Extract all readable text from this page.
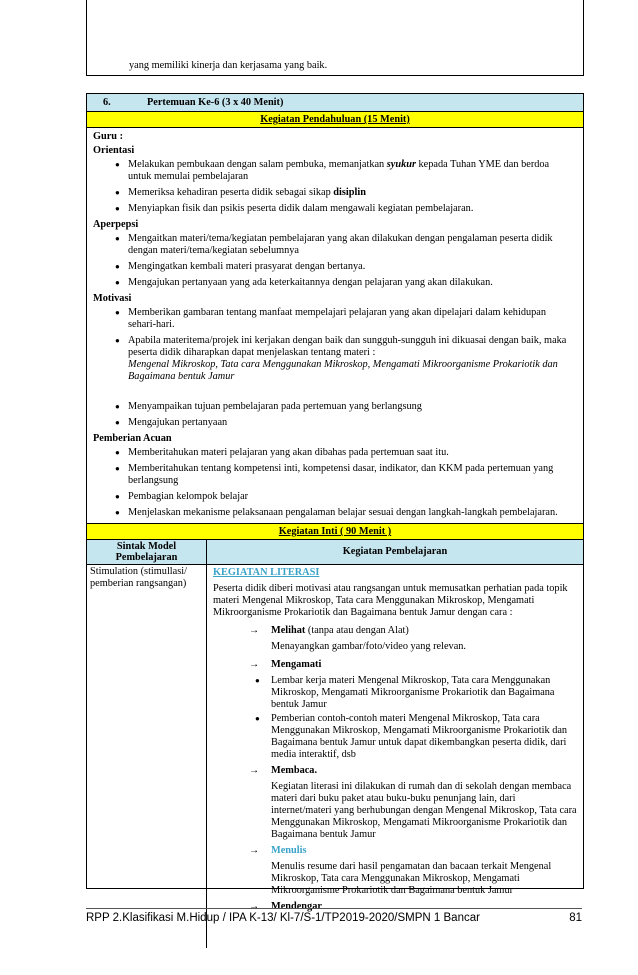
yang memiliki kinerja dan kerjasama yang baik.
6.	Pertemuan Ke-6 (3 x 40 Menit)
Kegiatan Pendahuluan (15 Menit)
Guru :
Orientasi
● Melakukan pembukaan dengan salam pembuka, memanjatkan syukur kepada Tuhan YME dan berdoa untuk memulai pembelajaran
● Memeriksa kehadiran peserta didik sebagai sikap disiplin
● Menyiapkan fisik dan psikis peserta didik dalam mengawali kegiatan pembelajaran.
Aperpepsi
● Mengaitkan materi/tema/kegiatan pembelajaran yang akan dilakukan dengan pengalaman peserta didik dengan materi/tema/kegiatan sebelumnya
● Mengingatkan kembali materi prasyarat dengan bertanya.
● Mengajukan pertanyaan yang ada keterkaitannya dengan pelajaran yang akan dilakukan.
Motivasi
● Memberikan gambaran tentang manfaat mempelajari pelajaran yang akan dipelajari dalam kehidupan sehari-hari.
● Apabila materitema/projek ini kerjakan dengan baik dan sungguh-sungguh ini dikuasai dengan baik, maka peserta didik diharapkan dapat menjelaskan tentang materi :
Mengenal Mikroskop, Tata cara Menggunakan Mikroskop, Mengamati Mikroorganisme Prokariotik dan Bagaimana bentuk Jamur
● Menyampaikan tujuan pembelajaran pada pertemuan yang berlangsung
● Mengajukan pertanyaan
Pemberian Acuan
● Memberitahukan materi pelajaran yang akan dibahas pada pertemuan saat itu.
● Memberitahukan tentang kompetensi inti, kompetensi dasar, indikator, dan KKM pada pertemuan yang berlangsung
● Pembagian kelompok belajar
● Menjelaskan mekanisme pelaksanaan pengalaman belajar sesuai dengan langkah-langkah pembelajaran.
Kegiatan Inti ( 90 Menit )
Sintak Model Pembelajaran
Kegiatan Pembelajaran
Stimulation (stimullasi/ pemberian rangsangan)
KEGIATAN LITERASI
Peserta didik diberi motivasi atau rangsangan untuk memusatkan perhatian pada topik materi Mengenal Mikroskop, Tata cara Menggunakan Mikroskop, Mengamati Mikroorganisme Prokariotik dan Bagaimana bentuk Jamur dengan cara :
→ Melihat (tanpa atau dengan Alat)
Menayangkan gambar/foto/video yang relevan.
→ Mengamati
● Lembar kerja materi Mengenal Mikroskop, Tata cara Menggunakan Mikroskop, Mengamati Mikroorganisme Prokariotik dan Bagaimana bentuk Jamur
● Pemberian contoh-contoh materi Mengenal Mikroskop, Tata cara Menggunakan Mikroskop, Mengamati Mikroorganisme Prokariotik dan Bagaimana bentuk Jamur untuk dapat dikembangkan peserta didik, dari media interaktif, dsb
→ Membaca.
Kegiatan literasi ini dilakukan di rumah dan di sekolah dengan membaca materi dari buku paket atau buku-buku penunjang lain, dari internet/materi yang berhubungan dengan Mengenal Mikroskop, Tata cara Menggunakan Mikroskop, Mengamati Mikroorganisme Prokariotik dan Bagaimana bentuk Jamur
→ Menulis
Menulis resume dari hasil pengamatan dan bacaan terkait Mengenal Mikroskop, Tata cara Menggunakan Mikroskop, Mengamati Mikroorganisme Prokariotik dan Bagaimana bentuk Jamur
→ Mendengar
RPP 2.Klasifikasi M.Hidup / IPA K-13/ Kl-7/S-1/TP2019-2020/SMPN 1 Bancar	81
